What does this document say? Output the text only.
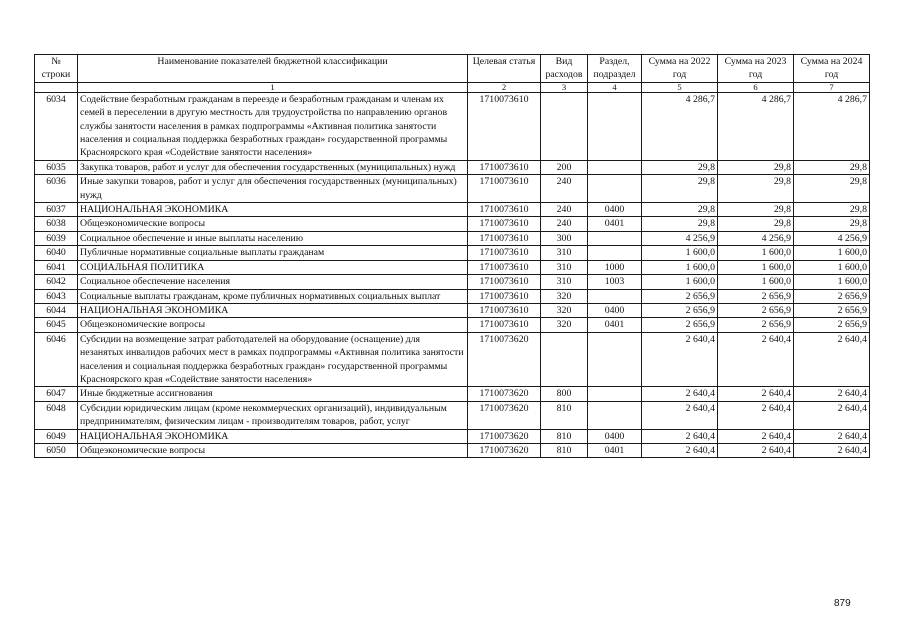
№ строки	Наименование показателей бюджетной классификации	Целевая статья	Вид расходов	Раздел, подраздел	Сумма на 2022 год	Сумма на 2023 год	Сумма на 2024 год
	1	2	3	4	5	6	7
6034	Содействие безработным гражданам в переезде и безработным гражданам и членам их семей в переселении в другую местность для трудоустройства по направлению органов службы занятости населения в рамках подпрограммы «Активная политика занятости населения и социальная поддержка безработных граждан» государственной программы Красноярского края «Содействие занятости населения»	1710073610			4 286,7	4 286,7	4 286,7
6035	Закупка товаров, работ и услуг для обеспечения государственных (муниципальных) нужд	1710073610	200		29,8	29,8	29,8
6036	Иные закупки товаров, работ и услуг для обеспечения государственных (муниципальных) нужд	1710073610	240		29,8	29,8	29,8
6037	НАЦИОНАЛЬНАЯ ЭКОНОМИКА	1710073610	240	0400	29,8	29,8	29,8
6038	Общеэкономические вопросы	1710073610	240	0401	29,8	29,8	29,8
6039	Социальное обеспечение и иные выплаты населению	1710073610	300		4 256,9	4 256,9	4 256,9
6040	Публичные нормативные социальные выплаты гражданам	1710073610	310		1 600,0	1 600,0	1 600,0
6041	СОЦИАЛЬНАЯ ПОЛИТИКА	1710073610	310	1000	1 600,0	1 600,0	1 600,0
6042	Социальное обеспечение населения	1710073610	310	1003	1 600,0	1 600,0	1 600,0
6043	Социальные выплаты гражданам, кроме публичных нормативных социальных выплат	1710073610	320		2 656,9	2 656,9	2 656,9
6044	НАЦИОНАЛЬНАЯ ЭКОНОМИКА	1710073610	320	0400	2 656,9	2 656,9	2 656,9
6045	Общеэкономические вопросы	1710073610	320	0401	2 656,9	2 656,9	2 656,9
6046	Субсидии на возмещение затрат работодателей на оборудование (оснащение) для незанятых инвалидов рабочих мест в рамках подпрограммы «Активная политика занятости населения и социальная поддержка безработных граждан» государственной программы Красноярского края «Содействие занятости населения»	1710073620			2 640,4	2 640,4	2 640,4
6047	Иные бюджетные ассигнования	1710073620	800		2 640,4	2 640,4	2 640,4
6048	Субсидии юридическим лицам (кроме некоммерческих организаций), индивидуальным предпринимателям, физическим лицам - производителям товаров, работ, услуг	1710073620	810		2 640,4	2 640,4	2 640,4
6049	НАЦИОНАЛЬНАЯ ЭКОНОМИКА	1710073620	810	0400	2 640,4	2 640,4	2 640,4
6050	Общеэкономические вопросы	1710073620	810	0401	2 640,4	2 640,4	2 640,4
879
